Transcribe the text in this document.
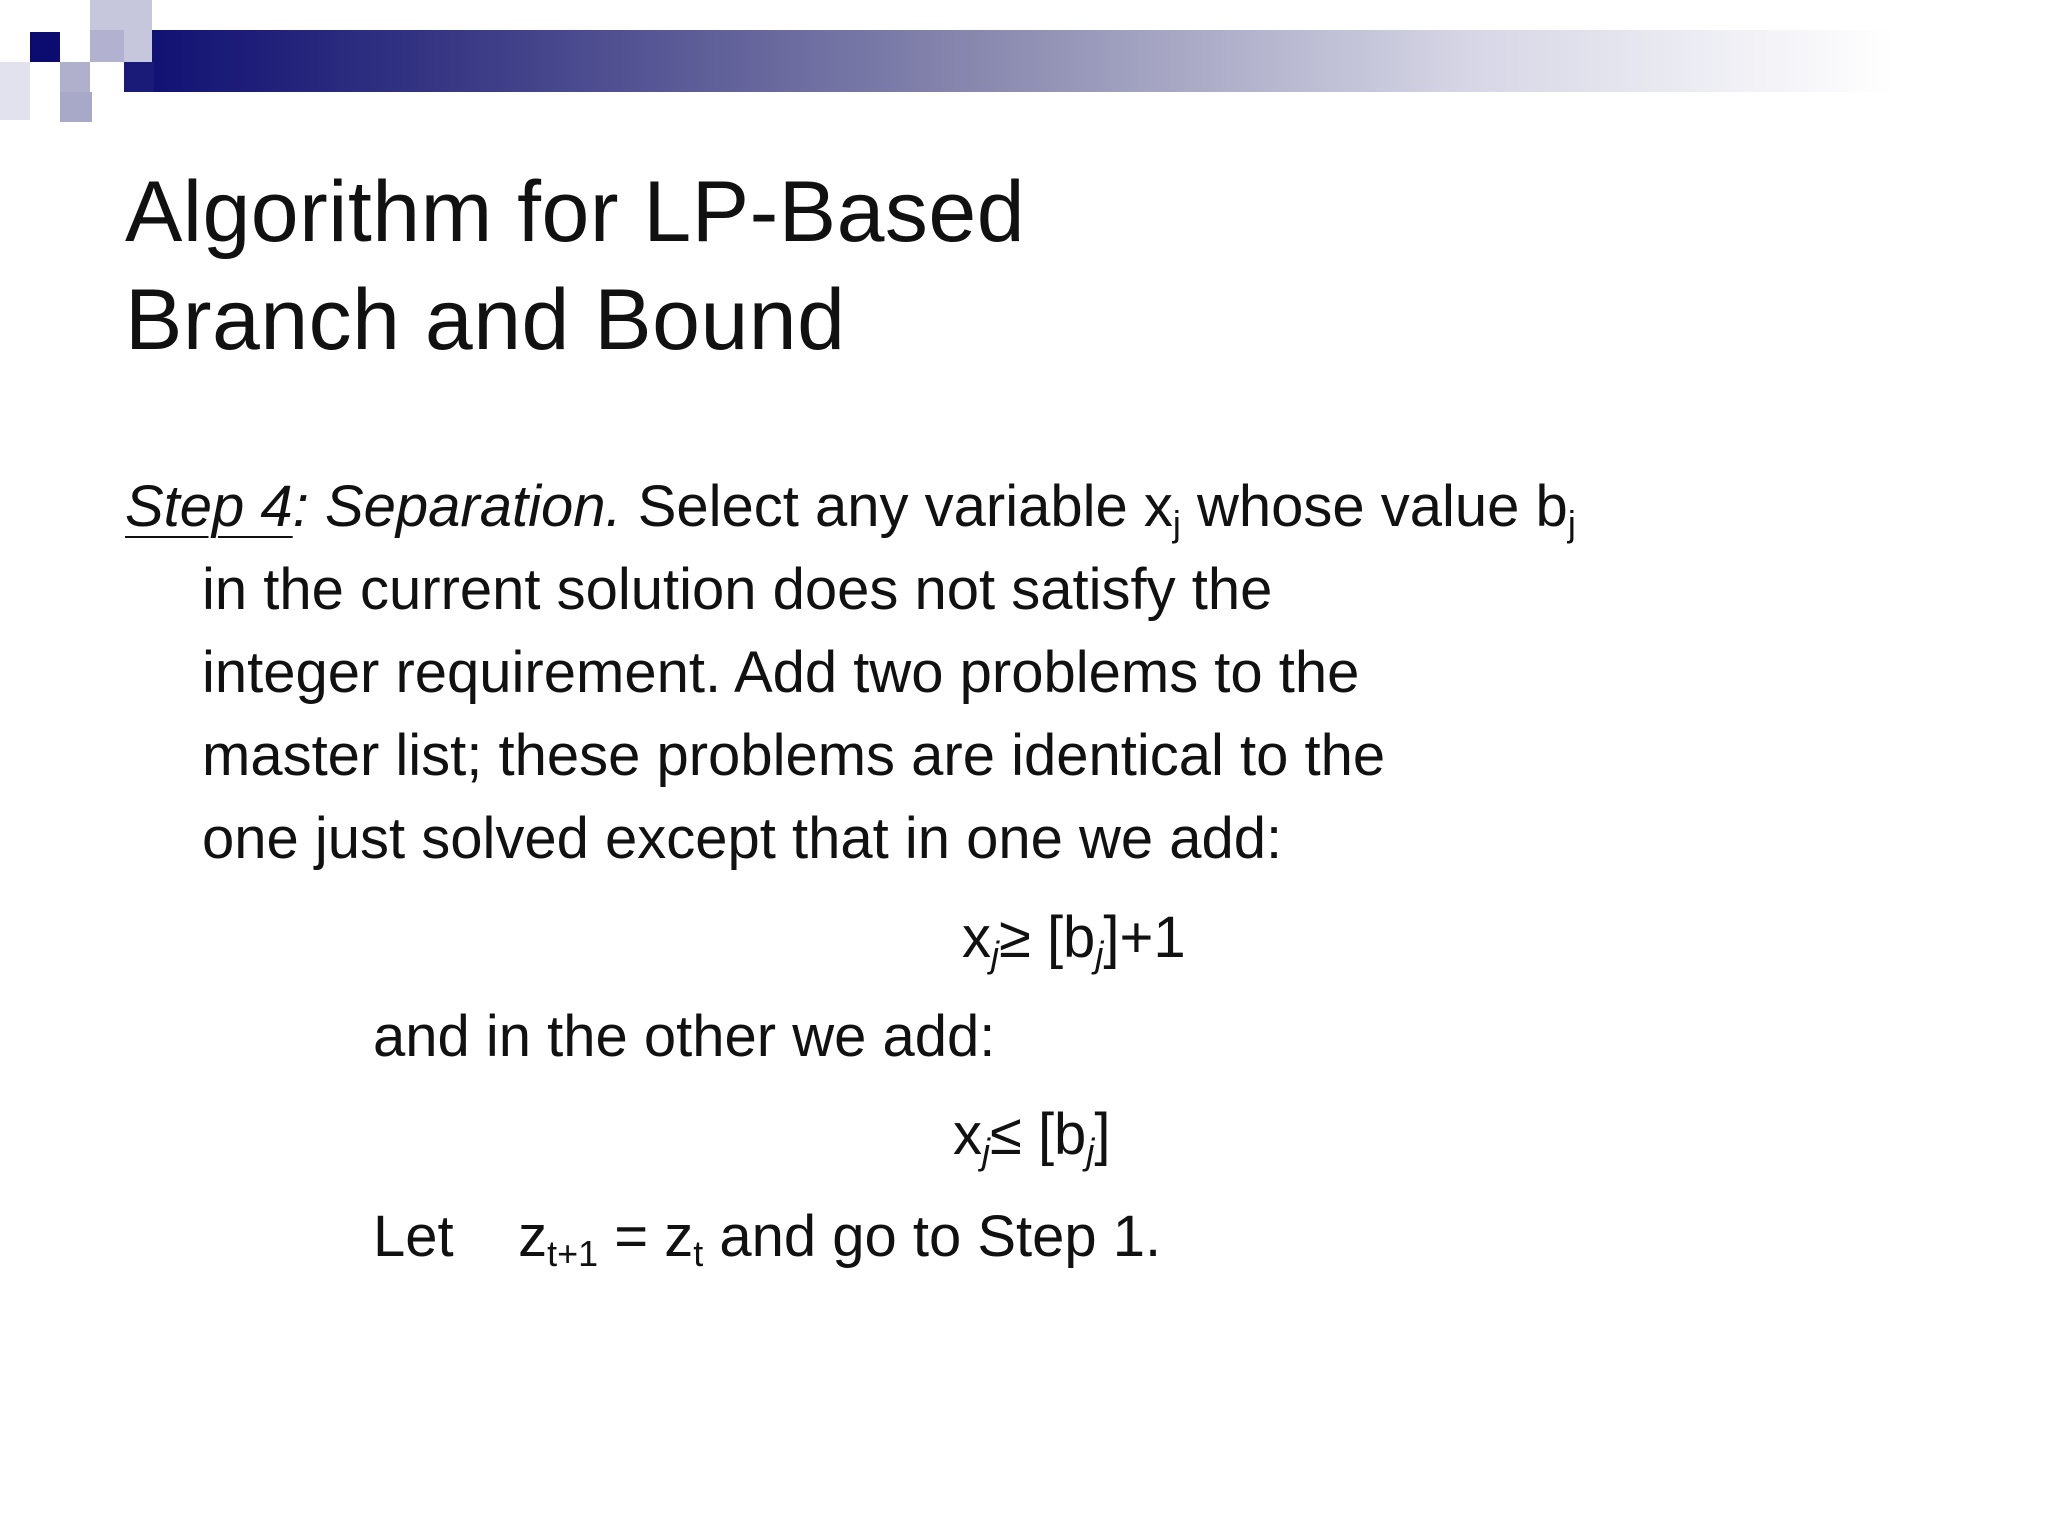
Algorithm for LP-Based
Branch and Bound
Step 4: Separation. Select any variable $x_j$ whose value $b_j$
in the current solution does not satisfy the
integer requirement. Add two problems to the
master list; these problems are identical to the
one just solved except that in one we add:
$x_j\ge [b_j]+1$
and in the other we add:
$x_j\le [b_j]$
Let $z_{t+1} = z_t$ and go to Step 1.
